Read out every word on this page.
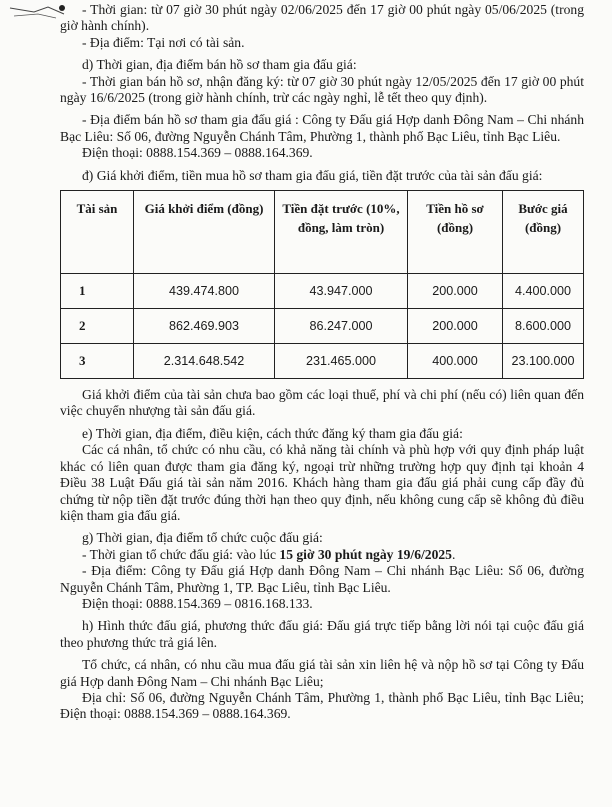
- Thời gian: từ 07 giờ 30 phút ngày 02/06/2025 đến 17 giờ 00 phút ngày 05/06/2025 (trong giờ hành chính).

- Địa điểm: Tại nơi có tài sản.

d) Thời gian, địa điểm bán hồ sơ tham gia đấu giá:

- Thời gian bán hồ sơ, nhận đăng ký: từ 07 giờ 30 phút ngày 12/05/2025 đến 17 giờ 00 phút ngày 16/6/2025 (trong giờ hành chính, trừ các ngày nghỉ, lễ tết theo quy định).

- Địa điểm bán hồ sơ tham gia đấu giá : Công ty Đấu giá Hợp danh Đông Nam – Chi nhánh Bạc Liêu: Số 06, đường Nguyễn Chánh Tâm, Phường 1, thành phố Bạc Liêu, tỉnh Bạc Liêu.

Điện thoại: 0888.154.369 – 0888.164.369.

đ) Giá khởi điểm, tiền mua hồ sơ tham gia đấu giá, tiền đặt trước của tài sản đấu giá:

Tài sản	Giá khởi điểm (đồng)	Tiền đặt trước (10%, đồng, làm tròn)	Tiền hồ sơ (đồng)	Bước giá (đồng)
1	439.474.800	43.947.000	200.000	4.400.000
2	862.469.903	86.247.000	200.000	8.600.000
3	2.314.648.542	231.465.000	400.000	23.100.000

Giá khởi điểm của tài sản chưa bao gồm các loại thuế, phí và chi phí (nếu có) liên quan đến việc chuyển nhượng tài sản đấu giá.

e) Thời gian, địa điểm, điều kiện, cách thức đăng ký tham gia đấu giá:

Các cá nhân, tổ chức có nhu cầu, có khả năng tài chính và phù hợp với quy định pháp luật khác có liên quan được tham gia đăng ký, ngoại trừ những trường hợp quy định tại khoản 4 Điều 38 Luật Đấu giá tài sản năm 2016. Khách hàng tham gia đấu giá phải cung cấp đầy đủ chứng từ nộp tiền đặt trước đúng thời hạn theo quy định, nếu không cung cấp sẽ không đủ điều kiện tham gia đấu giá.

g) Thời gian, địa điểm tổ chức cuộc đấu giá:

- Thời gian tổ chức đấu giá: vào lúc 15 giờ 30 phút ngày 19/6/2025.

- Địa điểm: Công ty Đấu giá Hợp danh Đông Nam – Chi nhánh Bạc Liêu: Số 06, đường Nguyễn Chánh Tâm, Phường 1, TP. Bạc Liêu, tỉnh Bạc Liêu.

Điện thoại: 0888.154.369 – 0816.168.133.

h) Hình thức đấu giá, phương thức đấu giá: Đấu giá trực tiếp bằng lời nói tại cuộc đấu giá theo phương thức trả giá lên.

Tổ chức, cá nhân, có nhu cầu mua đấu giá tài sản xin liên hệ và nộp hồ sơ tại Công ty Đấu giá Hợp danh Đông Nam – Chi nhánh Bạc Liêu;

Địa chỉ: Số 06, đường Nguyễn Chánh Tâm, Phường 1, thành phố Bạc Liêu, tỉnh Bạc Liêu; Điện thoại: 0888.154.369 – 0888.164.369.
